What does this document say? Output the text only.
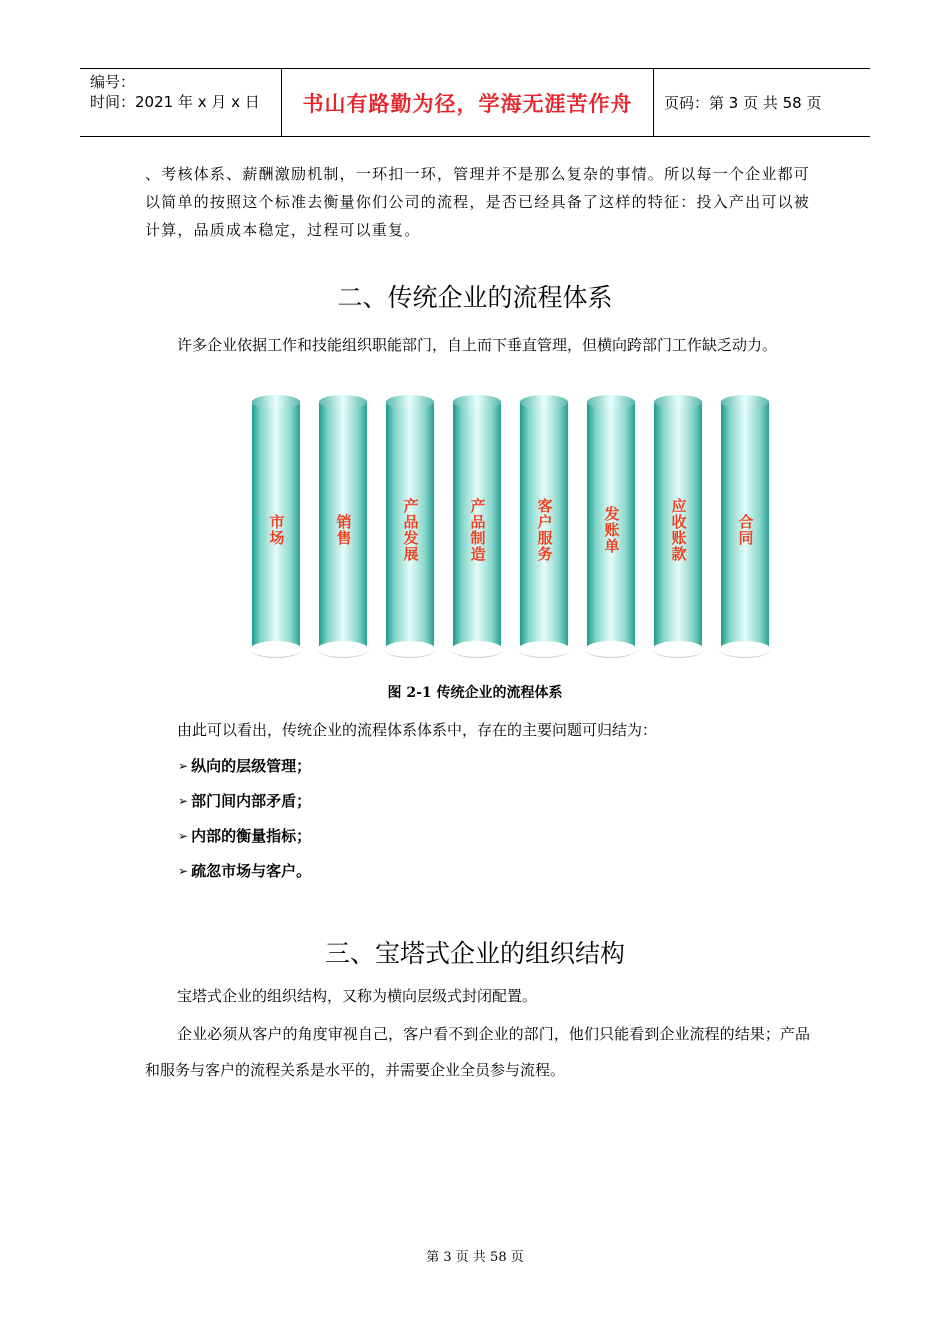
编号：
时间：2021 年 x 月 x 日	书山有路勤为径，学海无涯苦作舟	页码：第 3 页 共 58 页
、考核体系、薪酬激励机制，一环扣一环，管理并不是那么复杂的事情。所以每一个企业都可以简单的按照这个标准去衡量你们公司的流程，是否已经具备了这样的特征：投入产出可以被计算，品质成本稳定，过程可以重复。
二、传统企业的流程体系
许多企业依据工作和技能组织职能部门，自上而下垂直管理，但横向跨部门工作缺乏动力。
市场	销售	产品发展	产品制造	客户服务	发账单	应收账款	合同
图 2-1 传统企业的流程体系
由此可以看出，传统企业的流程体系体系中，存在的主要问题可归结为：
➢ 纵向的层级管理；
➢ 部门间内部矛盾；
➢ 内部的衡量指标；
➢ 疏忽市场与客户。
三、宝塔式企业的组织结构
宝塔式企业的组织结构，又称为横向层级式封闭配置。
企业必须从客户的角度审视自己，客户看不到企业的部门，他们只能看到企业流程的结果；产品和服务与客户的流程关系是水平的，并需要企业全员参与流程。
第 3 页 共 58 页
